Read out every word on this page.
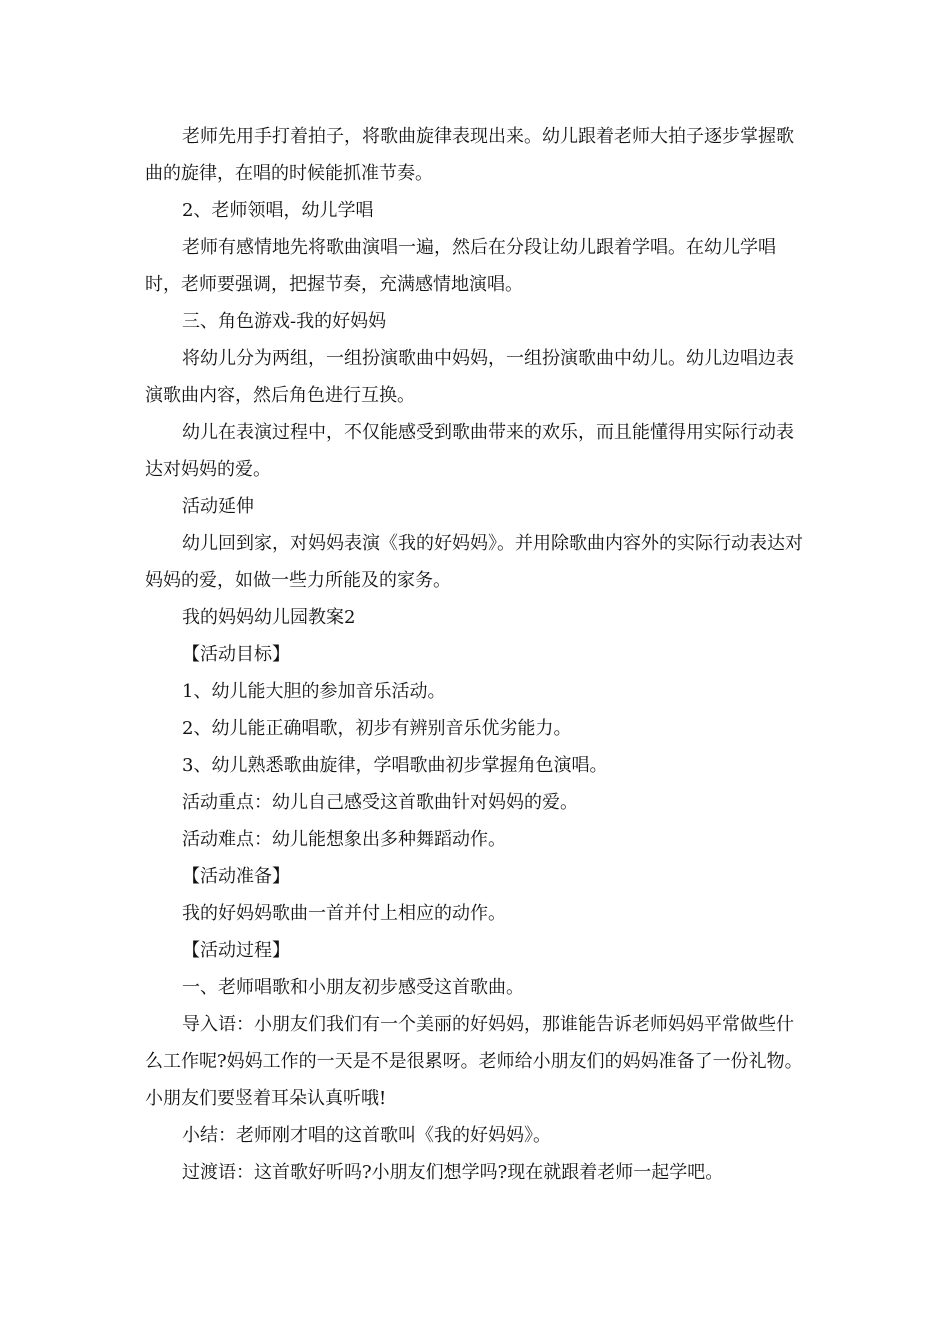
老师先用手打着拍子，将歌曲旋律表现出来。幼儿跟着老师大拍子逐步掌握歌曲的旋律，在唱的时候能抓准节奏。

2、老师领唱，幼儿学唱

老师有感情地先将歌曲演唱一遍，然后在分段让幼儿跟着学唱。在幼儿学唱时，老师要强调，把握节奏，充满感情地演唱。

三、角色游戏-我的好妈妈

将幼儿分为两组，一组扮演歌曲中妈妈，一组扮演歌曲中幼儿。幼儿边唱边表演歌曲内容，然后角色进行互换。

幼儿在表演过程中，不仅能感受到歌曲带来的欢乐，而且能懂得用实际行动表达对妈妈的爱。

活动延伸

幼儿回到家，对妈妈表演《我的好妈妈》。并用除歌曲内容外的实际行动表达对妈妈的爱，如做一些力所能及的家务。

我的妈妈幼儿园教案2

【活动目标】

1、幼儿能大胆的参加音乐活动。

2、幼儿能正确唱歌，初步有辨别音乐优劣能力。

3、幼儿熟悉歌曲旋律，学唱歌曲初步掌握角色演唱。

活动重点：幼儿自己感受这首歌曲针对妈妈的爱。

活动难点：幼儿能想象出多种舞蹈动作。

【活动准备】

我的好妈妈歌曲一首并付上相应的动作。

【活动过程】

一、老师唱歌和小朋友初步感受这首歌曲。

导入语：小朋友们我们有一个美丽的好妈妈，那谁能告诉老师妈妈平常做些什么工作呢?妈妈工作的一天是不是很累呀。老师给小朋友们的妈妈准备了一份礼物。小朋友们要竖着耳朵认真听哦!

小结：老师刚才唱的这首歌叫《我的好妈妈》。

过渡语：这首歌好听吗?小朋友们想学吗?现在就跟着老师一起学吧。
